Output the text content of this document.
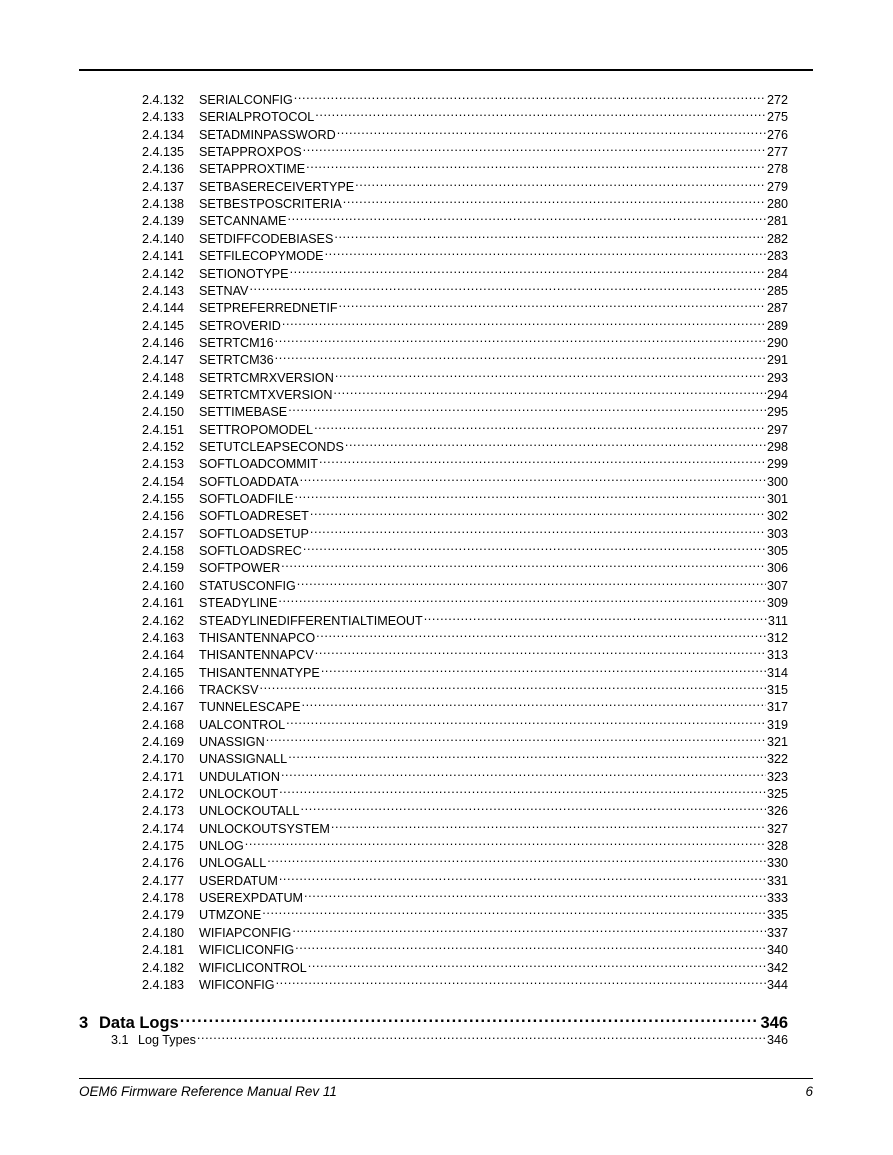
2.4.132	SERIALCONFIG .....	272
2.4.133	SERIALPROTOCOL .....	275
2.4.134	SETADMINPASSWORD .....	276
2.4.135	SETAPPROXPOS .....	277
2.4.136	SETAPPROXTIME .....	278
2.4.137	SETBASERECEIVERTYPE .....	279
2.4.138	SETBESTPOSCRITERIA .....	280
2.4.139	SETCANNAME .....	281
2.4.140	SETDIFFCODEBIASES .....	282
2.4.141	SETFILECOPYMODE .....	283
2.4.142	SETIONOTYPE .....	284
2.4.143	SETNAV .....	285
2.4.144	SETPREFERREDNETIF .....	287
2.4.145	SETROVERID .....	289
2.4.146	SETRTCM16 .....	290
2.4.147	SETRTCM36 .....	291
2.4.148	SETRTCMRXVERSION .....	293
2.4.149	SETRTCMTXVERSION .....	294
2.4.150	SETTIMEBASE .....	295
2.4.151	SETTROPOMODEL .....	297
2.4.152	SETUTCLEAPSECONDS .....	298
2.4.153	SOFTLOADCOMMIT .....	299
2.4.154	SOFTLOADDATA .....	300
2.4.155	SOFTLOADFILE .....	301
2.4.156	SOFTLOADRESET .....	302
2.4.157	SOFTLOADSETUP .....	303
2.4.158	SOFTLOADSREC .....	305
2.4.159	SOFTPOWER .....	306
2.4.160	STATUSCONFIG .....	307
2.4.161	STEADYLINE .....	309
2.4.162	STEADYLINEDIFFERENTIALTIMEOUT .....	311
2.4.163	THISANTENNAPCO .....	312
2.4.164	THISANTENNAPCV .....	313
2.4.165	THISANTENNATYPE .....	314
2.4.166	TRACKSV .....	315
2.4.167	TUNNELESCAPE .....	317
2.4.168	UALCONTROL .....	319
2.4.169	UNASSIGN .....	321
2.4.170	UNASSIGNALL .....	322
2.4.171	UNDULATION .....	323
2.4.172	UNLOCKOUT .....	325
2.4.173	UNLOCKOUTALL .....	326
2.4.174	UNLOCKOUTSYSTEM .....	327
2.4.175	UNLOG .....	328
2.4.176	UNLOGALL .....	330
2.4.177	USERDATUM .....	331
2.4.178	USEREXPDATUM .....	333
2.4.179	UTMZONE .....	335
2.4.180	WIFIAPCONFIG .....	337
2.4.181	WIFICLICONFIG .....	340
2.4.182	WIFICLICONTROL .....	342
2.4.183	WIFICONFIG .....	344
3 Data Logs .....	346
3.1 Log Types .....	346
OEM6 Firmware Reference Manual Rev 11	6
